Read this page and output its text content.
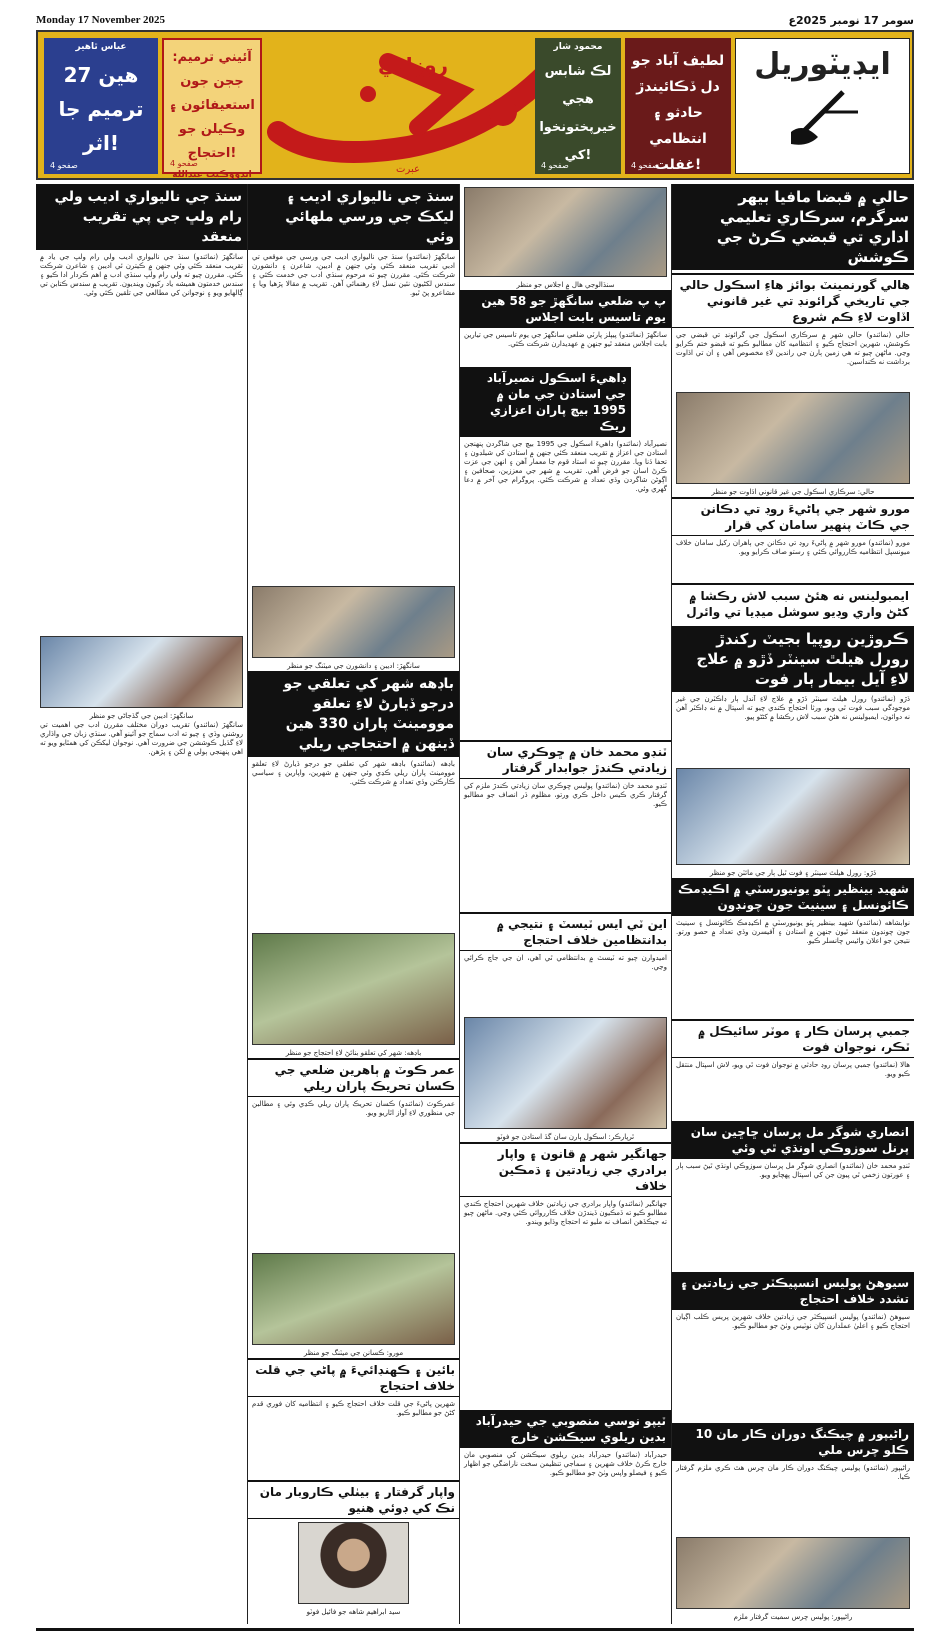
Monday 17 November 2025	سومر 17 نومبر 2025ع
عباس ٿاهير
27 هين ترميم جا اثر!
صفحو 4
آئيني ترميم: ججن جون استعيفائون ۽ وڪيلن جو احتجاج!
ايڊووڪيٽ عبدالله
صفحو 4
روزاني
عبرت
محمود شار
لڪ شابس هجي خيرپختونخوا کي!
صفحو 4
لطيف آباد جو دل ڏڪائيندڙ حادثو ۽ انتظامي غفلت!
صفحو 4
ايڊيٽوريل
حالي ۾ قبضا مافيا بيهر سرگرم، سرڪاري تعليمي اداري تي قبضي ڪرڻ جي ڪوشش
هالي گورنمينٽ بوائز هاءِ اسڪول حالي جي تاريخي گرائونڊ تي غير قانوني اڏاوت لاءِ ڪم شروع
حالي (نمائندو) حالي شهر ۾ سرڪاري اسڪول جي گرائونڊ تي قبضي جي ڪوشش، شهرين احتجاج ڪيو ۽ انتظاميه کان مطالبو ڪيو ته قبضو ختم ڪرايو وڃي. ماڻهن چيو ته هي زمين ٻارن جي راندين لاءِ مخصوص آهي ۽ ان تي اڏاوت برداشت نه ڪنداسين.
حالي: سرڪاري اسڪول جي غير قانوني اڏاوت جو منظر
مورو شهر جي پاڻيءَ روڊ تي دڪانن جي ڪاٽ پنهير سامان کي قرار
مورو (نمائندو) مورو شهر ۾ پاڻيءَ روڊ تي دڪانن جي ٻاهران رکيل سامان خلاف ميونسپل انتظاميه ڪارروائي ڪئي ۽ رستو صاف ڪرايو ويو.
ايمبولينس نه هئڻ سبب لاش رڪشا ۾ کڻڻ واري وڊيو سوشل ميڊيا تي وائرل
ڪروڙين روپيا بجيٽ رکندڙ رورل هيلٿ سينٽر ڏڙو ۾ علاج لاءِ آيل بيمار ٻار فوت
ڏڙو (نمائندو) رورل هيلٿ سينٽر ڏڙو ۾ علاج لاءِ آندل ٻار ڊاڪٽرن جي غير موجودگي سبب فوت ٿي ويو، ورثا احتجاج ڪندي چيو ته اسپتال ۾ نه ڊاڪٽر آهن نه دوائون، ايمبولينس نه هئڻ سبب لاش رڪشا ۾ کڻڻو پيو.
ڏڙو: رورل هيلٿ سينٽر ۽ فوت ٿيل ٻار جي مائٽن جو منظر
شهيد بينظير ڀٽو يونيورسٽي ۾ اڪيڊمڪ ڪائونسل ۽ سينيٽ جون چونڊون
نوابشاهه (نمائندو) شهيد بينظير ڀٽو يونيورسٽي ۾ اڪيڊمڪ ڪائونسل ۽ سينيٽ جون چونڊون منعقد ٿيون جنهن ۾ استادن ۽ آفيسرن وڏي تعداد ۾ حصو ورتو. نتيجن جو اعلان وائيس چانسلر ڪيو.
جمبي پرسان ڪار ۽ موٽر سائيڪل ۾ ٽڪر، نوجوان فوت
هالا (نمائندو) جمبي پرسان روڊ حادثي ۾ نوجوان فوت ٿي ويو، لاش اسپتال منتقل ڪيو ويو.
انصاري شوگر مل پرسان ڇاڇين سان پرنل سوزوڪي اونڌي ٿي وئي
ٽنڊو محمد خان (نمائندو) انصاري شوگر مل پرسان سوزوڪي اونڌي ٿيڻ سبب ٻار ۽ عورتون زخمي ٿي پيون جن کي اسپتال پهچايو ويو.
سيوهڻ پوليس انسپيڪٽر جي زيادتين ۽ تشدد خلاف احتجاج
سيوهڻ (نمائندو) پوليس انسپيڪٽر جي زيادتين خلاف شهرين پريس ڪلب اڳيان احتجاج ڪيو ۽ اعليٰ عملدارن کان نوٽيس وٺڻ جو مطالبو ڪيو.
راڻيپور ۾ چيڪنگ دوران ڪار مان 10 ڪلو چرس ملي
راڻيپور (نمائندو) پوليس چيڪنگ دوران ڪار مان چرس هٿ ڪري ملزم گرفتار ڪيا.
راڻيپور: پوليس چرس سميت گرفتار ملزم
سنڌالوجي هال ۾ اجلاس جو منظر
پ پ ضلعي سانگهڙ جو 58 هين يوم تاسيس بابت اجلاس
سانگهڙ (نمائندو) پيپلز پارٽي ضلعي سانگهڙ جي يوم تاسيس جي تيارين بابت اجلاس منعقد ٿيو جنهن ۾ عهديدارن شرڪت ڪئي.
ڊاهيءَ اسڪول نصيرآباد جي استادن جي مان ۾ 1995 بيچ پاران اعزازي ريڪ
نصيرآباد (نمائندو) ڊاهيءَ اسڪول جي 1995 بيچ جي شاگردن پنهنجن استادن جي اعزاز ۾ تقريب منعقد ڪئي جنهن ۾ استادن کي شيلڊون ۽ تحفا ڏنا ويا. مقررن چيو ته استاد قوم جا معمار آهن ۽ انهن جي عزت ڪرڻ اسان جو فرض آهي. تقريب ۾ شهر جي معززين، صحافين ۽ اڳوڻن شاگردن وڏي تعداد ۾ شرڪت ڪئي. پروگرام جي آخر ۾ دعا گهري وئي.
ٽنڊو محمد خان ۾ ڇوڪري سان زيادتي ڪندڙ جوابدار گرفتار
ٽنڊو محمد خان (نمائندو) پوليس ڇوڪري سان زيادتي ڪندڙ ملزم کي گرفتار ڪري ڪيس داخل ڪري ورتو، مظلوم ڌر انصاف جو مطالبو ڪيو.
اين ٽي ايس ٽيسٽ ۽ نتيجي ۾ بدانتظامين خلاف احتجاج
اميدوارن چيو ته ٽيسٽ ۾ بدانتظامي ٿي آهي، ان جي جاچ ڪرائي وڃي.
ٿرپارڪر: اسڪول ٻارن سان گڏ استادن جو فوٽو
جهانگير شهر ۾ قانون ۽ واپار برادري جي زيادتين ۽ ڌمڪين خلاف
جهانگير (نمائندو) واپار برادري جي زيادتين خلاف شهرين احتجاج ڪندي مطالبو ڪيو ته ڌمڪيون ڏيندڙن خلاف ڪارروائي ڪئي وڃي. ماڻهن چيو ته جيڪڏهن انصاف نه مليو ته احتجاج وڌايو ويندو.
ٽيپو نوسي منصوبي جي حيدرآباد بدين ريلوي سيڪشن خارج
حيدرآباد (نمائندو) حيدرآباد بدين ريلوي سيڪشن کي منصوبي مان خارج ڪرڻ خلاف شهرين ۽ سماجي تنظيمن سخت ناراضگي جو اظهار ڪيو ۽ فيصلو واپس وٺڻ جو مطالبو ڪيو.
سنڌ جي ناليواري اديب ۽ ليکڪ جي ورسي ملهائي وئي
سانگهڙ (نمائندو) سنڌ جي ناليواري اديب جي ورسي جي موقعي تي ادبي تقريب منعقد ڪئي وئي جنهن ۾ اديبن، شاعرن ۽ دانشورن شرڪت ڪئي. مقررن چيو ته مرحوم سنڌي ادب جي خدمت ڪئي ۽ سندس لکڻيون نئين نسل لاءِ رهنمائي آهن. تقريب ۾ مقالا پڙهيا ويا ۽ مشاعرو پڻ ٿيو.
سانگهڙ: اديبن ۽ دانشورن جي ميٽنگ جو منظر
باڊهه شهر کي تعلقي جو درجو ڏيارڻ لاءِ تعلقو موومينٽ پاران 330 هين ڏينهن ۾ احتجاجي ريلي
باڊهه (نمائندو) باڊهه شهر کي تعلقي جو درجو ڏيارڻ لاءِ تعلقو موومينٽ پاران ريلي ڪڍي وئي جنهن ۾ شهرين، واپارين ۽ سياسي ڪارڪنن وڏي تعداد ۾ شرڪت ڪئي.
باڊهه: شهر کي تعلقو بنائڻ لاءِ احتجاج جو منظر
عمر ڪوٽ ۾ ٻاهرين ضلعي جي ڪسان تحريڪ پاران ريلي
عمرڪوٽ (نمائندو) ڪسان تحريڪ پاران ريلي ڪڍي وئي ۽ مطالبن جي منظوري لاءِ آواز اٿاريو ويو.
مورو: ڪسانن جي ميٽنگ جو منظر
بائين ۽ ڪهنڊائيءَ ۾ پاڻي جي قلت خلاف احتجاج
شهرين پاڻيءَ جي قلت خلاف احتجاج ڪيو ۽ انتظاميه کان فوري قدم کڻڻ جو مطالبو ڪيو.
واپار گرفتار ۽ بيٺلي ڪاروبار مان نڪ کي ڊوئي هنيو
سيد ابراهيم شاهه جو فائيل فوٽو
سنڌ جي ناليواري اديب ولي رام ولڀ جي پي تقريب منعقد
سانگهڙ (نمائندو) سنڌ جي ناليواري اديب ولي رام ولڀ جي ياد ۾ تقريب منعقد ڪئي وئي جنهن ۾ ڪيترن ئي اديبن ۽ شاعرن شرڪت ڪئي. مقررن چيو ته ولي رام ولڀ سنڌي ادب ۾ اهم ڪردار ادا ڪيو ۽ سندس خدمتون هميشه ياد رکيون وينديون. تقريب ۾ سندس ڪتابن تي ڳالهايو ويو ۽ نوجوانن کي مطالعي جي تلقين ڪئي وئي.
سانگهڙ: اديبن جي گڏجاڻي جو منظر
سانگهڙ (نمائندو) تقريب دوران مختلف مقررن ادب جي اهميت تي روشني وڌي ۽ چيو ته ادب سماج جو آئينو آهي. سنڌي زبان جي واڌاري لاءِ گڏيل ڪوششن جي ضرورت آهي. نوجوان ليکڪن کي همٿايو ويو ته اهي پنهنجي ٻولي ۾ لکن ۽ پڙهن.
